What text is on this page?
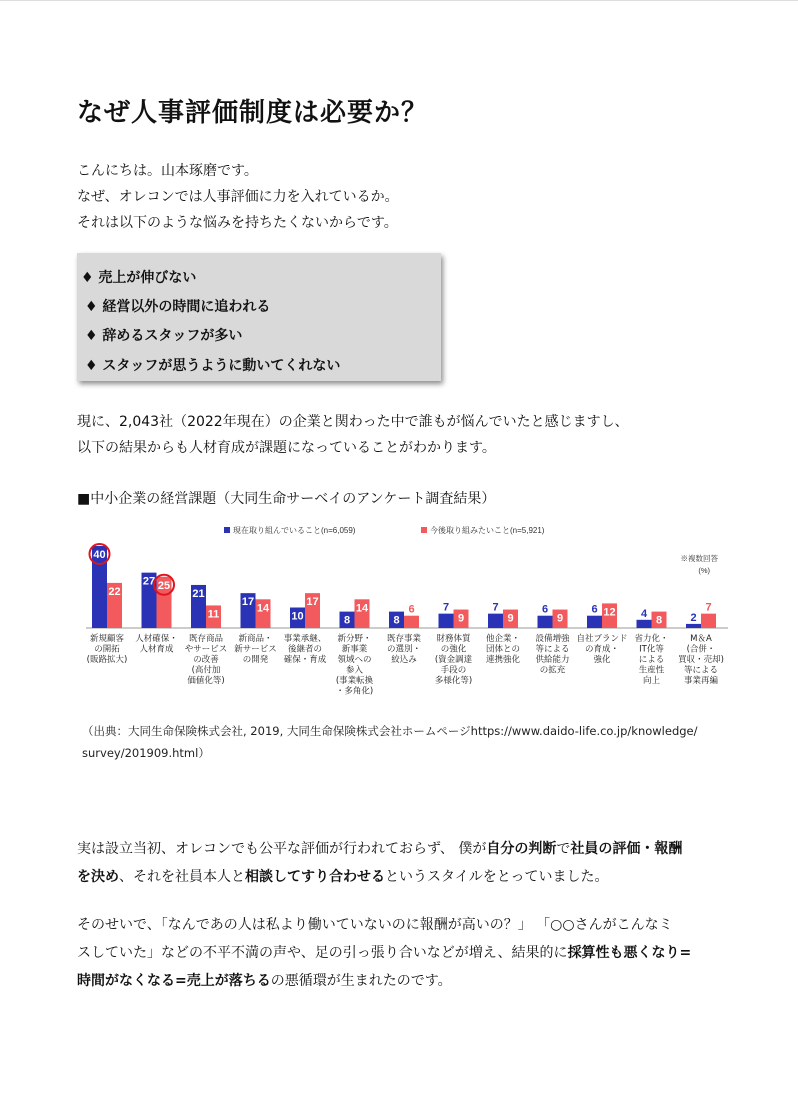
なぜ人事評価制度は必要か？
こんにちは。山本琢磨です。
なぜ、オレコンでは人事評価に力を入れているか。
それは以下のような悩みを持ちたくないからです。
♦ 売上が伸びない
♦ 経営以外の時間に追われる
♦ 辞めるスタッフが多い
♦ スタッフが思うように動いてくれない
現に、2,043社（2022年現在）の企業と関わった中で誰もが悩んでいたと感じますし、
以下の結果からも人材育成が課題になっていることがわかります。
■中小企業の経営課題（大同生命サーベイのアンケート調査結果）
現在取り組んでいること(n=6,059)	今後取り組みたいこと(n=5,921)
※複数回答
(%)
40
22
新規顧客
の開拓
(販路拡大)
27 25
人材確保・
人材育成
21
11
既存商品
やサービス
の改善
(高付加
価値化等)
17
14
新商品・
新サービス
の開発
10
17
事業承継、
後継者の
確保・育成
8
14
新分野・
新事業
領域への
参入
(事業転換
・多角化)
8
6
既存事業
の選別・
絞込み
7
9
財務体質
の強化
(資金調達
手段の
多様化等)
7
9
他企業・
団体との
連携強化
6
9
設備増強
等による
供給能力
の拡充
6 12
自社ブランド
の育成・
強化
4
8
省力化・
IT化等
による
生産性
向上
2
7
M＆A
(合併・
買収・売却)
等による
事業再編
（出典：大同生命保険株式会社, 2019, 大同生命保険株式会社ホームページhttps://www.daido-life.co.jp/knowledge/
survey/201909.html）
実は設立当初、オレコンでも公平な評価が行われておらず、 僕が自分の判断で社員の評価・報酬
を決め、それを社員本人と相談してすり合わせるというスタイルをとっていました。
そのせいで、「なんであの人は私より働いていないのに報酬が高いの？」 「○○さんがこんなミ
スしていた」などの不平不満の声や、足の引っ張り合いなどが増え、結果的に採算性も悪くなり=
時間がなくなる=売上が落ちるの悪循環が生まれたのです。
